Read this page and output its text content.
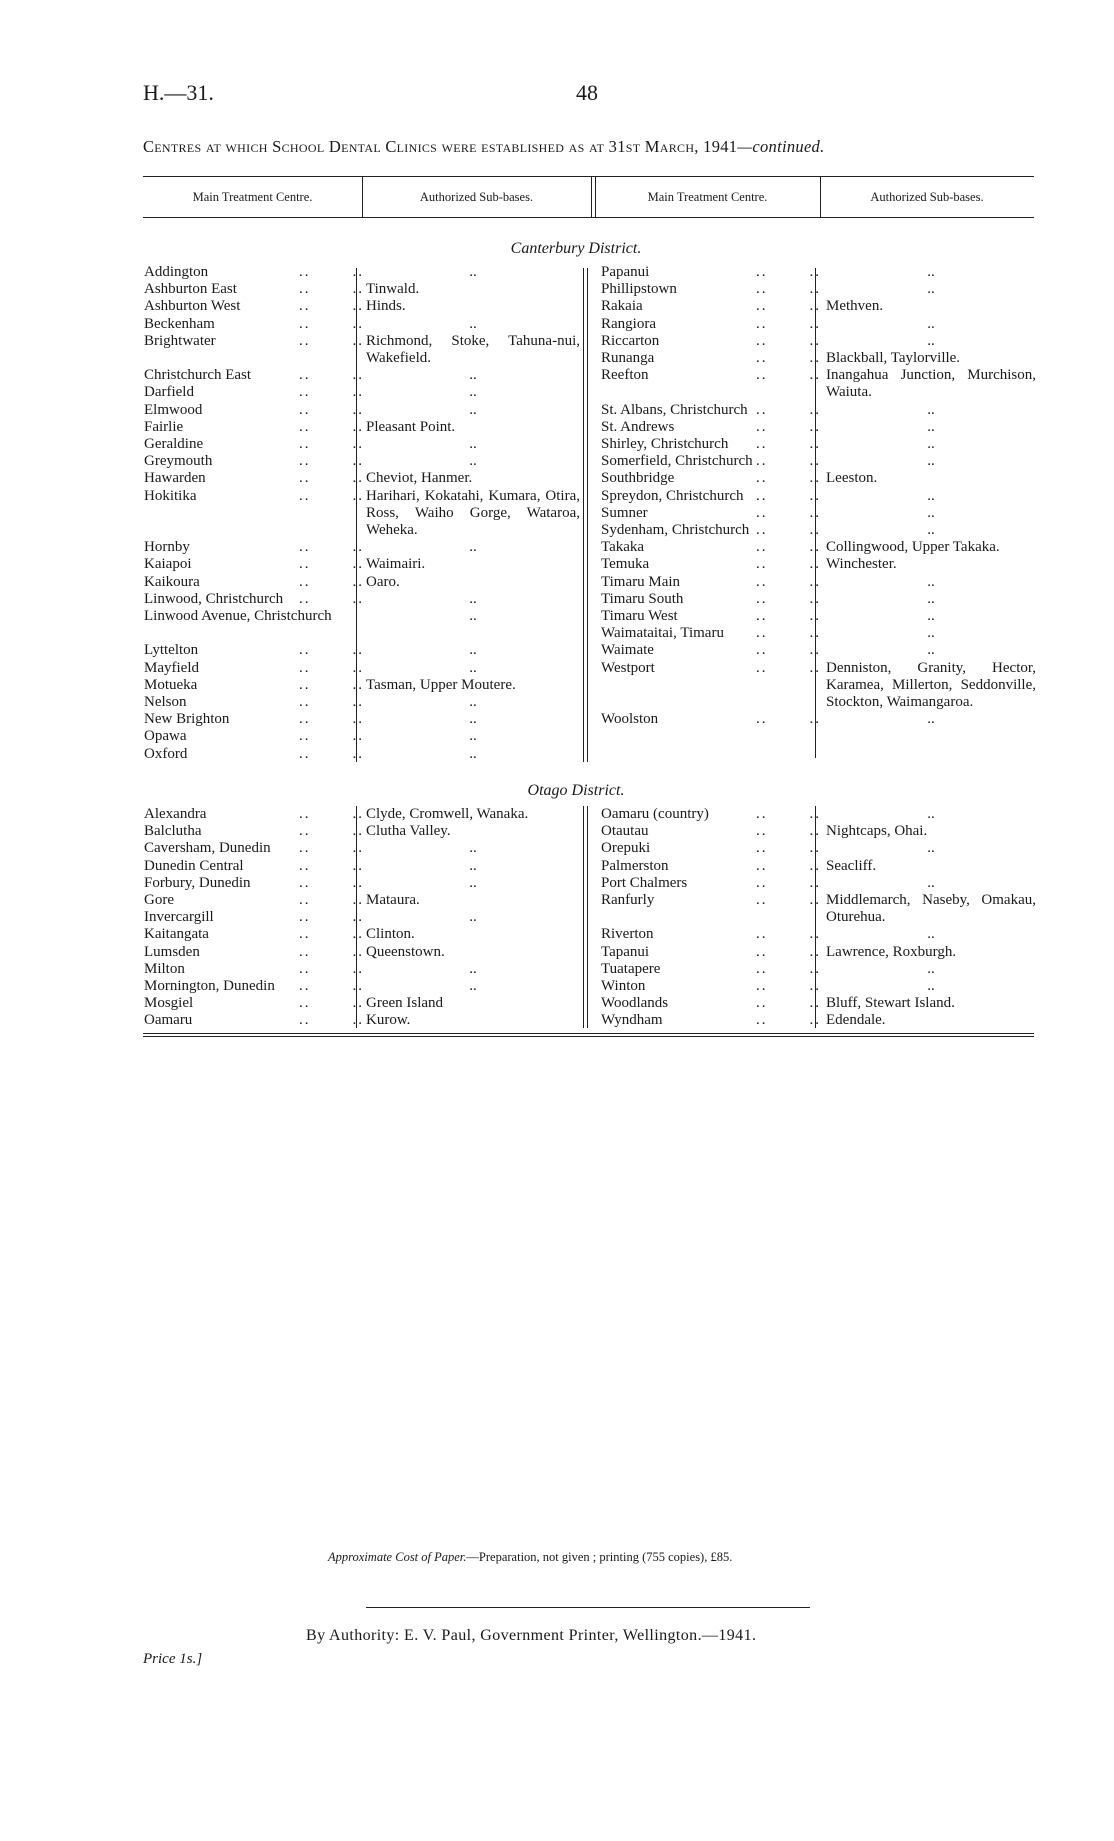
H.—31.	48
Centres at which School Dental Clinics were established as at 31st March, 1941—continued.
Main Treatment Centre.	Authorized Sub-bases.	Main Treatment Centre.	Authorized Sub-bases.
Canterbury District.
Otago District.
Addington	..	..	..
Ashburton East	..	.. Tinwald.
Ashburton West	..	.. Hinds.
Beckenham	..	..	..
Brightwater	..	.. Richmond, Stoke, Tahuna-nui, Wakefield.
Christchurch East	..	..	..
Darfield	..	..	..
Elmwood	..	..	..
Fairlie	..	.. Pleasant Point.
Geraldine	..	..	..
Greymouth	..	..	..
Hawarden	..	.. Cheviot, Hanmer.
Hokitika	..	.. Harihari, Kokatahi, Kumara, Otira, Ross, Waiho Gorge, Wataroa, Weheka.
Hornby	..	..	..
Kaiapoi	..	.. Waimairi.
Kaikoura	..	.. Oaro.
Linwood, Christchurch ..	..	..
Linwood Avenue, Christchurch	..
Lyttelton	..	..	..
Mayfield	..	..	..
Motueka	..	.. Tasman, Upper Moutere.
Nelson	..	..	..
New Brighton	..	..	..
Opawa	..	..	..
Oxford	..	..	..
Papanui	..	..	..
Phillipstown	..	..	..
Rakaia	..	.. Methven.
Rangiora	..	..	..
Riccarton	..	..	..
Runanga	..	.. Blackball, Taylorville.
Reefton	..	.. Inangahua Junction, Murchison, Waiuta.
St. Albans, Christchurch ..	..	..
St. Andrews	..	..	..
Shirley, Christchurch ..	..	..
Somerfield, Christchurch ..	..	..
Southbridge	..	.. Leeston.
Spreydon, Christchurch ..	..	..
Sumner	..	..	..
Sydenham, Christchurch ..	..	..
Takaka	..	.. Collingwood, Upper Takaka.
Temuka	..	.. Winchester.
Timaru Main	..	..	..
Timaru South	..	..	..
Timaru West	..	..	..
Waimataitai, Timaru ..	..	..
Waimate	..	..	..
Westport	..	.. Denniston, Granity, Hector, Karamea, Millerton, Seddonville, Stockton, Waimangaroa.
Woolston	..	..	..
Alexandra	..	.. Clyde, Cromwell, Wanaka.
Balclutha	..	.. Clutha Valley.
Caversham, Dunedin ..	..	..
Dunedin Central	..	..	..
Forbury, Dunedin	..	..	..
Gore	..	.. Mataura.
Invercargill	..	..	..
Kaitangata	..	.. Clinton.
Lumsden	..	.. Queenstown.
Milton	..	..	..
Mornington, Dunedin ..	..	..
Mosgiel	..	.. Green Island
Oamaru	..	.. Kurow.
Oamaru (country)	..	..	..
Otautau	..	.. Nightcaps, Ohai.
Orepuki	..	..	..
Palmerston	..	.. Seacliff.
Port Chalmers	..	..	..
Ranfurly	..	.. Middlemarch, Naseby, Omakau, Oturehua.
Riverton	..	..	..
Tapanui	..	.. Lawrence, Roxburgh.
Tuatapere	..	..	..
Winton	..	..	..
Woodlands	..	.. Bluff, Stewart Island.
Wyndham	..	.. Edendale.
Approximate Cost of Paper.—Preparation, not given ; printing (755 copies), £85.
By Authority: E. V. Paul, Government Printer, Wellington.—1941.
Price 1s.]
